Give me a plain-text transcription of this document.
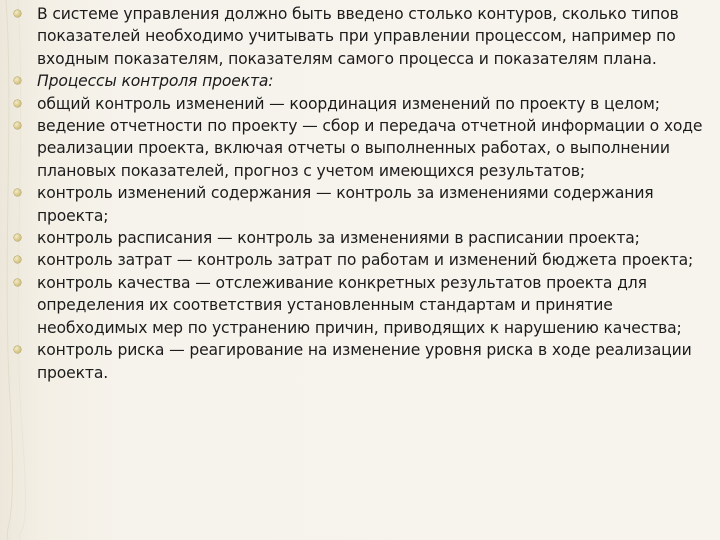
В системе управления должно быть введено столько контуров, сколько типов показателей необходимо учитывать при управлении процессом, например по входным показателям, показателям самого процесса и показателям плана.
Процессы контроля проекта:
общий контроль изменений — координация изменений по проекту в целом;
ведение отчетности по проекту — сбор и передача отчетной информации о ходе реализации проекта, включая отчеты о выполненных работах, о выполнении плановых показателей, прогноз с учетом имеющихся результатов;
контроль изменений содержания — контроль за изменениями содержания проекта;
контроль расписания — контроль за изменениями в расписании проекта;
контроль затрат — контроль затрат по работам и изменений бюджета проекта;
контроль качества — отслеживание конкретных результатов проекта для определения их соответствия установленным стандартам и принятие необходимых мер по устранению причин, приводящих к нарушению качества;
контроль риска — реагирование на изменение уровня риска в ходе реализации проекта.
